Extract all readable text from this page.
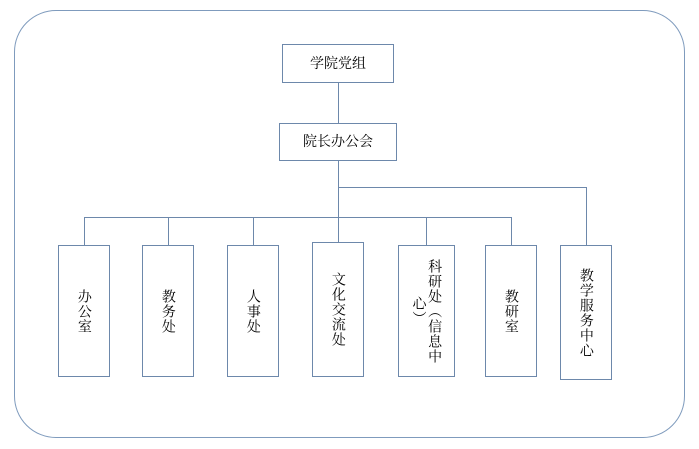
学院党组
院长办公会
办公室	教务处	人事处	文化交流处	科研处（信息中心）	教研室	教学服务中心
